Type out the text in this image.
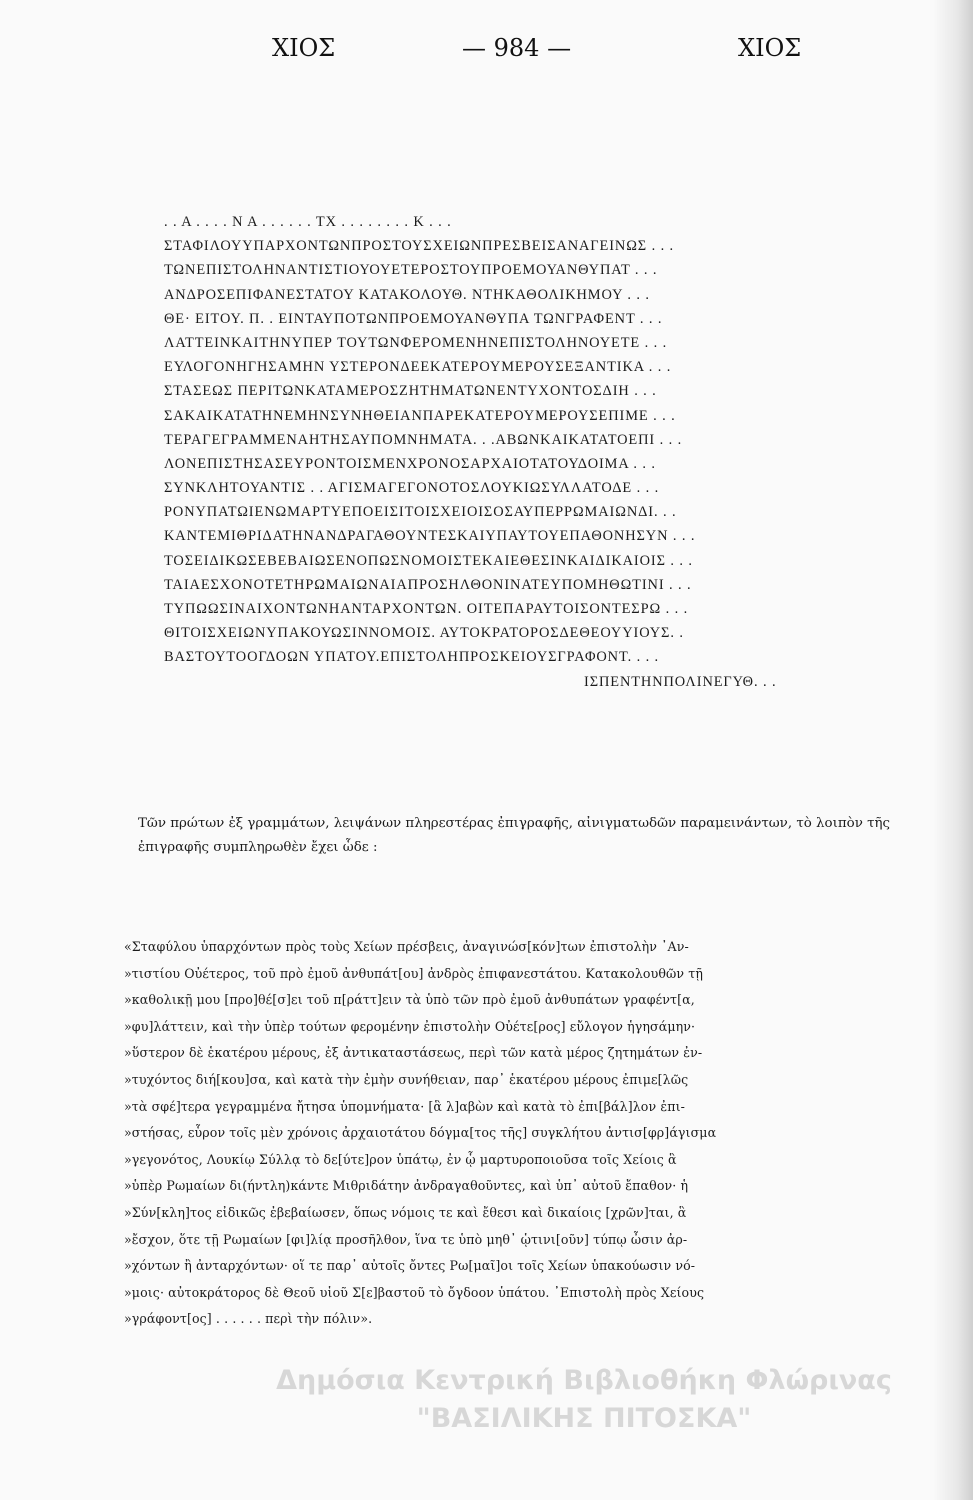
ΧΙΟΣ	— 984 —	ΧΙΟΣ
. . Α . . . . Ν Α . . . . . . ΤΧ . . . . . . . . Κ . . .
ΣΤΑΦΙΛΟΥΥΠΑΡΧΟΝΤΩΝΠΡΟΣΤΟΥΣΧΕΙΩΝΠΡΕΣΒΕΙΣΑΝΑΓΕΙΝΩΣ . . .
ΤΩΝΕΠΙΣΤΟΛΗΝΑΝΤΙΣΤΙΟΥΟΥΕΤΕΡΟΣΤΟΥΠΡΟΕΜΟΥΑΝΘΥΠΑΤ . . .
ΑΝΔΡΟΣΕΠΙΦΑΝΕΣΤΑΤΟΥ ΚΑΤΑΚΟΛΟΥΘ. ΝΤΗΚΑΘΟΛΙΚΗΜΟΥ . . .
ΘΕ· ΕΙΤΟΥ. Π. . ΕΙΝΤΑΥΠΟΤΩΝΠΡΟΕΜΟΥΑΝΘΥΠΑ ΤΩΝΓΡΑΦΕΝΤ . . .
ΛΑΤΤΕΙΝΚΑΙΤΗΝΥΠΕΡ ΤΟΥΤΩΝΦΕΡΟΜΕΝΗΝΕΠΙΣΤΟΛΗΝΟΥΕΤΕ . . .
ΕΥΛΟΓΟΝΗΓΗΣΑΜΗΝ ΥΣΤΕΡΟΝΔΕΕΚΑΤΕΡΟΥΜΕΡΟΥΣΕΞΑΝΤΙΚΑ . . .
ΣΤΑΣΕΩΣ ΠΕΡΙΤΩΝΚΑΤΑΜΕΡΟΣΖΗΤΗΜΑΤΩΝΕΝΤΥΧΟΝΤΟΣΔΙΗ . . .
ΣΑΚΑΙΚΑΤΑΤΗΝΕΜΗΝΣΥΝΗΘΕΙΑΝΠΑΡΕΚΑΤΕΡΟΥΜΕΡΟΥΣΕΠΙΜΕ . . .
ΤΕΡΑΓΕΓΡΑΜΜΕΝΑΗΤΗΣΑΥΠΟΜΝΗΜΑΤΑ. . .ΑΒΩΝΚΑΙΚΑΤΑΤΟΕΠΙ . . .
ΛΟΝΕΠΙΣΤΗΣΑΣΕΥΡΟΝΤΟΙΣΜΕΝΧΡΟΝΟΣΑΡΧΑΙΟΤΑΤΟΥΔΟΙΜΑ . . .
ΣΥΝΚΛΗΤΟΥΑΝΤΙΣ . . ΑΓΙΣΜΑΓΕΓΟΝΟΤΟΣΛΟΥΚΙΩΣΥΛΛΑΤΟΔΕ . . .
ΡΟΝΥΠΑΤΩΙΕΝΩΜΑΡΤΥΕΠΟΕΙΣΙΤΟΙΣΧΕΙΟΙΣΟΣΑΥΠΕΡΡΩΜΑΙΩΝΔΙ. . .
ΚΑΝΤΕΜΙΘΡΙΔΑΤΗΝΑΝΔΡΑΓΑΘΟΥΝΤΕΣΚΑΙΥΠΑΥΤΟΥΕΠΑΘΟΝΗΣΥΝ . . .
ΤΟΣΕΙΔΙΚΩΣΕΒΕΒΑΙΩΣΕΝΟΠΩΣΝΟΜΟΙΣΤΕΚΑΙΕΘΕΣΙΝΚΑΙΔΙΚΑΙΟΙΣ . . .
ΤΑΙΑΕΣΧΟΝΟΤΕΤΗΡΩΜΑΙΩΝΑΙΑΠΡΟΣΗΛΘΟΝΙΝΑΤΕΥΠΟΜΗΘΩΤΙΝΙ . . .
ΤΥΠΩΩΣΙΝΑΙΧΟΝΤΩΝΗΑΝΤΑΡΧΟΝΤΩΝ. ΟΙΤΕΠΑΡΑΥΤΟΙΣΟΝΤΕΣΡΩ . . .
ΘΙΤΟΙΣΧΕΙΩΝΥΠΑΚΟΥΩΣΙΝΝΟΜΟΙΣ. ΑΥΤΟΚΡΑΤΟΡΟΣΔΕΘΕΟΥΥΙΟΥΣ. .
ΒΑΣΤΟΥΤΟΟΓΔΟΩΝ ΥΠΑΤΟΥ.ΕΠΙΣΤΟΛΗΠΡΟΣΚΕΙΟΥΣΓΡΑΦΟΝΤ. . . .
ΙΣΠΕΝΤΗΝΠΟΛΙΝΕΓΥΘ. . .
Τῶν πρώτων ἐξ γραμμάτων, λειψάνων πληρεστέρας ἐπιγραφῆς, αἰνιγματωδῶν παραμεινάντων, τὸ λοιπὸν τῆς ἐπιγραφῆς συμπληρωθὲν ἔχει ὧδε :
«Σταφύλου ὑπαρχόντων πρὸς τοὺς Χείων πρέσβεις, ἀναγινώσ[κόν]των ἐπιστολὴν ᾿Αν-
»τιστίου Οὐέτερος, τοῦ πρὸ ἐμοῦ ἀνθυπάτ[ου] ἀνδρὸς ἐπιφανεστάτου. Κατακολουθῶν τῇ
»καθολικῇ μου [προ]θέ[σ]ει τοῦ π[ράττ]ειν τὰ ὑπὸ τῶν πρὸ ἐμοῦ ἀνθυπάτων γραφέντ[α,
»φυ]λάττειν, καὶ τὴν ὑπὲρ τούτων φερομένην ἐπιστολὴν Οὐέτε[ρος] εὔλογον ἡγησάμην·
»ὕστερον δὲ ἑκατέρου μέρους, ἐξ ἀντικαταστάσεως, περὶ τῶν κατὰ μέρος ζητημάτων ἐν-
»τυχόντος διή[κου]σα, καὶ κατὰ τὴν ἐμὴν συνήθειαν, παρ᾿ ἑκατέρου μέρους ἐπιμε[λῶς
»τὰ σφέ]τερα γεγραμμένα ἤτησα ὑπομνήματα· [ἃ λ]αβὼν καὶ κατὰ τὸ ἐπι[βάλ]λον ἐπι-
»στήσας, εὗρον τοῖς μὲν χρόνοις ἀρχαιοτάτου δόγμα[τος τῆς] συγκλήτου ἀντισ[φρ]άγισμα
»γεγονότος, Λουκίῳ Σύλλᾳ τὸ δε[ύτε]ρον ὑπάτῳ, ἐν ᾧ μαρτυροποιοῦσα τοῖς Χείοις ἃ
»ὑπὲρ Ρωμαίων δι(ήντλη)κάντε Μιθριδάτην ἀνδραγαθοῦντες, καὶ ὑπ᾿ αὐτοῦ ἔπαθον· ἡ
»Σύν[κλη]τος εἰδικῶς ἐβεβαίωσεν, ὅπως νόμοις τε καὶ ἔθεσι καὶ δικαίοις [χρῶν]ται, ἃ
»ἔσχον, ὅτε τῇ Ρωμαίων [φι]λίᾳ προσῆλθον, ἵνα τε ὑπὸ μηθ᾿ ᾡτινι[οῦν] τύπῳ ὦσιν ἀρ-
»χόντων ἢ ἀνταρχόντων· οἵ τε παρ᾿ αὐτοῖς ὄντες Ρω[μαῖ]οι τοῖς Χείων ὑπακούωσιν νό-
»μοις· αὐτοκράτορος δὲ Θεοῦ υἱοῦ Σ[ε]βαστοῦ τὸ ὄγδοον ὑπάτου. ᾿Επιστολὴ πρὸς Χείους
»γράφοντ[ος] . . . . . . περὶ τὴν πόλιν».
Δημόσια Κεντρική Βιβλιοθήκη Φλώρινας
"ΒΑΣΙΛΙΚΗΣ ΠΙΤΟΣΚΑ"
